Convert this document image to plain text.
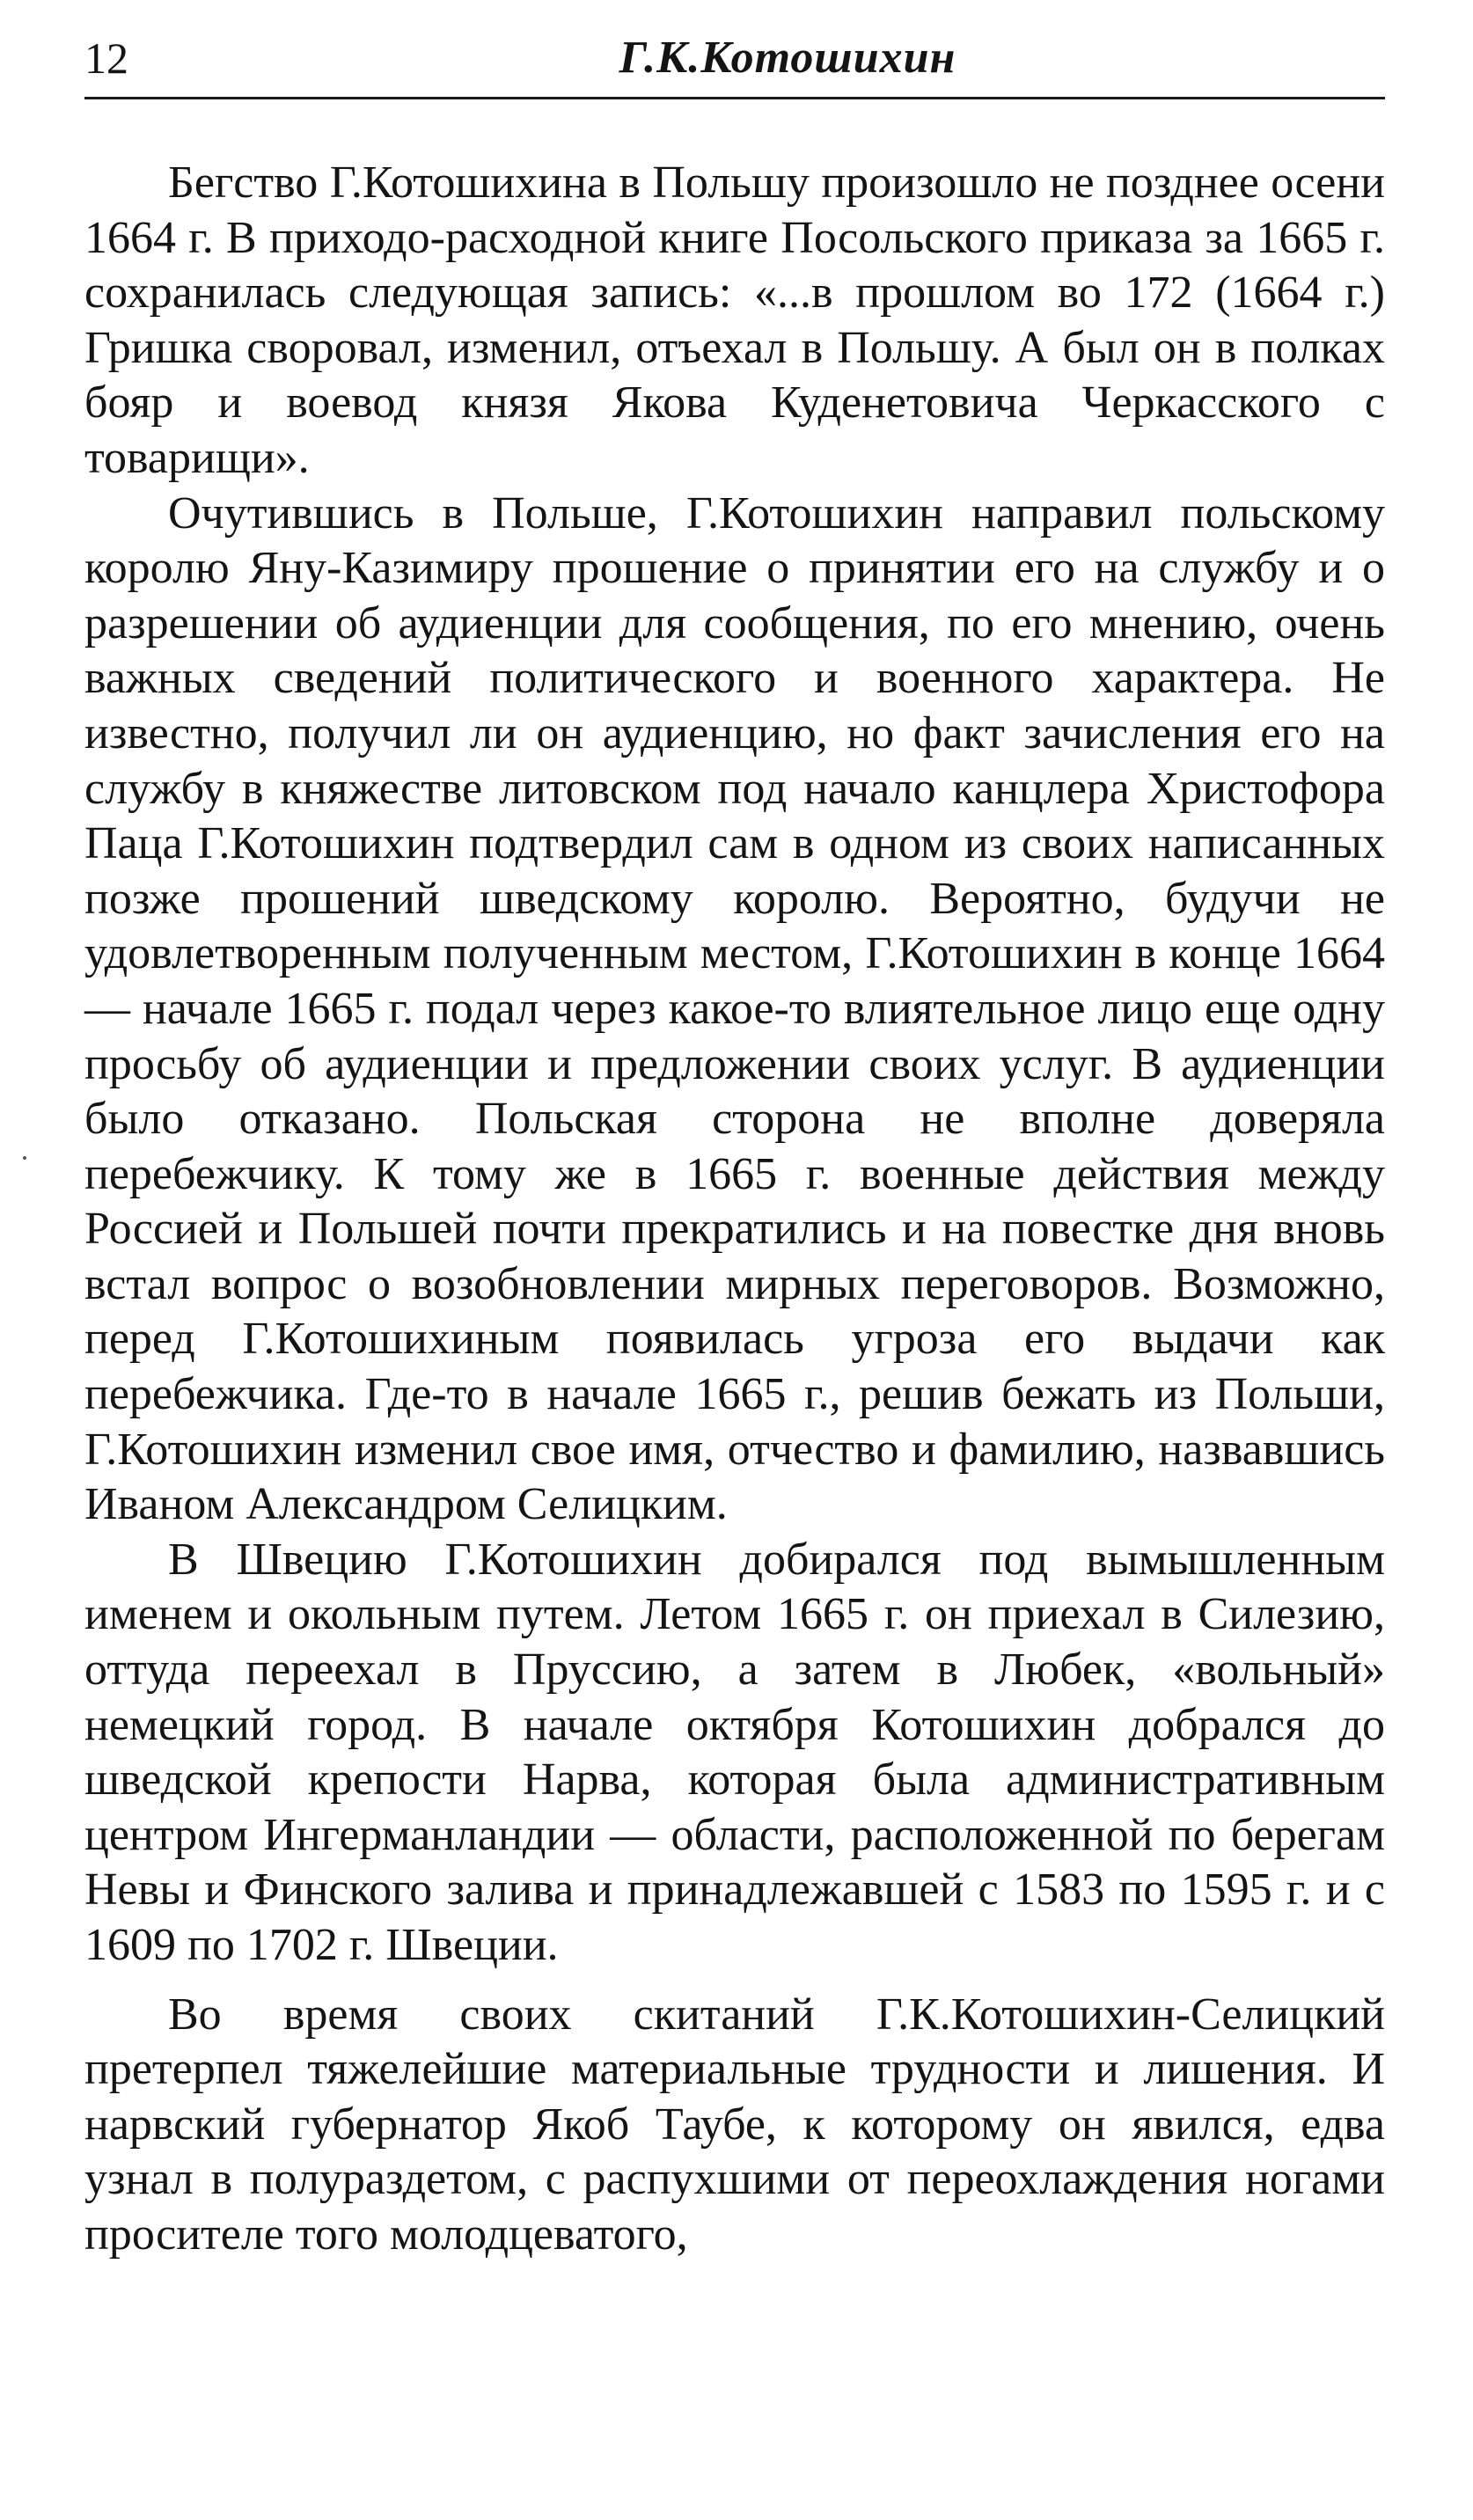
12	Г.К.Котошихин

Бегство Г.Котошихина в Польшу произошло не позднее осени 1664 г. В приходо-расходной книге Посольского приказа за 1665 г. сохранилась следующая запись: «...в прошлом во 172 (1664 г.) Гришка своровал, изменил, отъехал в Польшу. А был он в полках бояр и воевод князя Якова Куденетовича Черкасского с товарищи».

Очутившись в Польше, Г.Котошихин направил польскому королю Яну-Казимиру прошение о принятии его на службу и о разрешении об аудиенции для сообщения, по его мнению, очень важных сведений политического и военного характера. Не известно, получил ли он аудиенцию, но факт зачисления его на службу в княжестве литовском под начало канцлера Христофора Паца Г.Котошихин подтвердил сам в одном из своих написанных позже прошений шведскому королю. Вероятно, будучи не удовлетворенным полученным местом, Г.Котошихин в конце 1664 — начале 1665 г. подал через какое-то влиятельное лицо еще одну просьбу об аудиенции и предложении своих услуг. В аудиенции было отказано. Польская сторона не вполне доверяла перебежчику. К тому же в 1665 г. военные действия между Россией и Польшей почти прекратились и на повестке дня вновь встал вопрос о возобновлении мирных переговоров. Возможно, перед Г.Котошихиным появилась угроза его выдачи как перебежчика. Где-то в начале 1665 г., решив бежать из Польши, Г.Котошихин изменил свое имя, отчество и фамилию, назвавшись Иваном Александром Селицким.

В Швецию Г.Котошихин добирался под вымышленным именем и окольным путем. Летом 1665 г. он приехал в Силезию, оттуда переехал в Пруссию, а затем в Любек, «вольный» немецкий город. В начале октября Котошихин добрался до шведской крепости Нарва, которая была административным центром Ингерманландии — области, расположенной по берегам Невы и Финского залива и принадлежавшей с 1583 по 1595 г. и с 1609 по 1702 г. Швеции.

Во время своих скитаний Г.К.Котошихин-Селицкий претерпел тяжелейшие материальные трудности и лишения. И нарвский губернатор Якоб Таубе, к которому он явился, едва узнал в полураздетом, с распухшими от переохлаждения ногами просителе того молодцеватого,
